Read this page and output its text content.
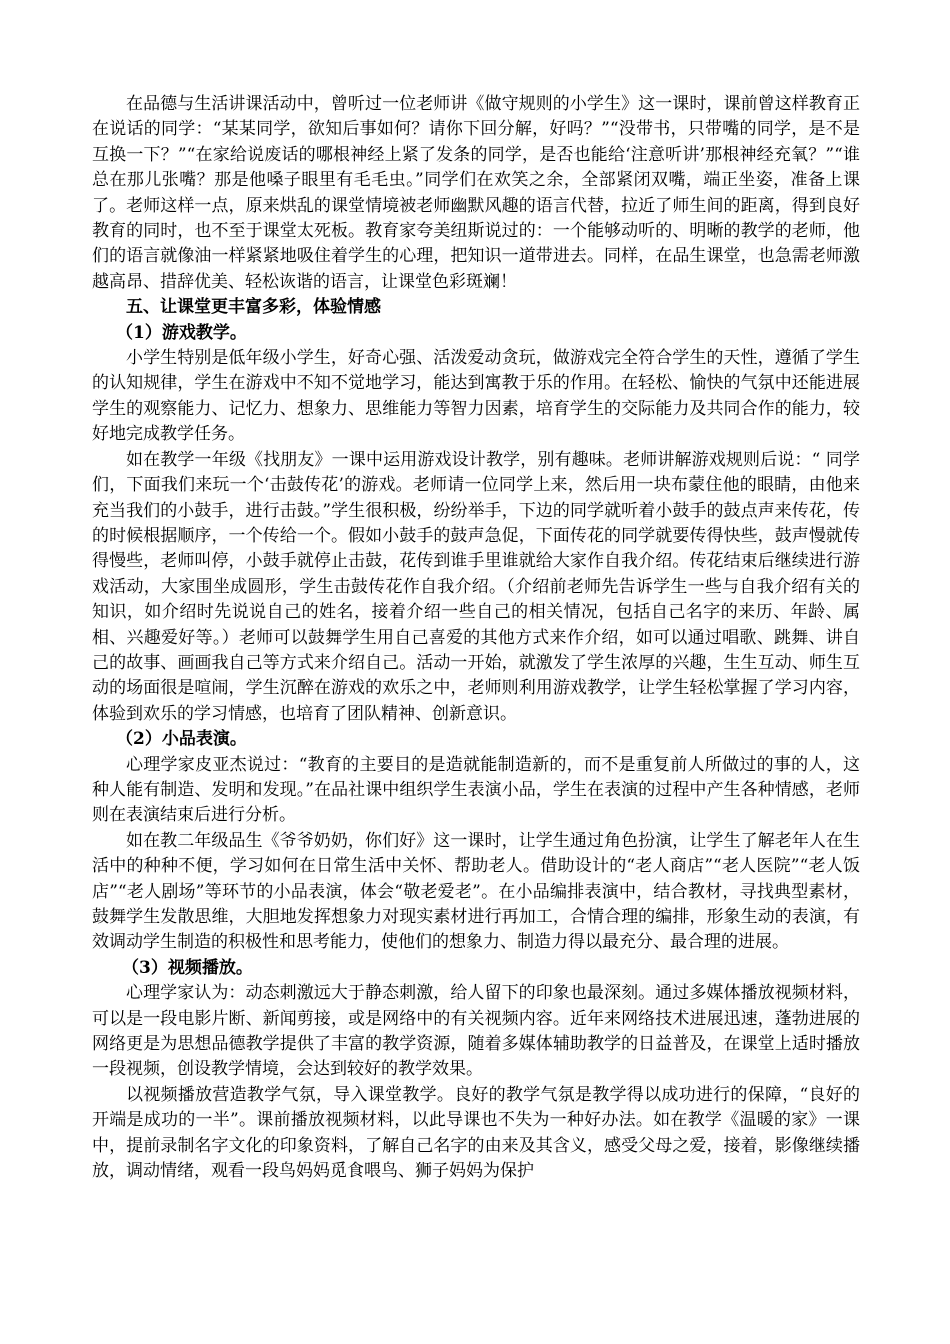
在品德与生活讲课活动中，曾听过一位老师讲《做守规则的小学生》这一课时，课前曾这样教育正在说话的同学：“某某同学，欲知后事如何？请你下回分解，好吗？”“没带书，只带嘴的同学，是不是互换一下？”“在家给说废话的哪根神经上紧了发条的同学，是否也能给‘注意听讲’那根神经充氧？”“谁总在那儿张嘴？那是他嗓子眼里有毛毛虫。”同学们在欢笑之余，全部紧闭双嘴，端正坐姿，准备上课了。老师这样一点，原来烘乱的课堂情境被老师幽默风趣的语言代替，拉近了师生间的距离，得到良好教育的同时，也不至于课堂太死板。教育家夸美纽斯说过的：一个能够动听的、明晰的教学的老师，他们的语言就像油一样紧紧地吸住着学生的心理，把知识一道带进去。同样，在品生课堂，也急需老师激越高昂、措辞优美、轻松诙谐的语言，让课堂色彩斑斓！

五、让课堂更丰富多彩，体验情感

（1）游戏教学。

小学生特别是低年级小学生，好奇心强、活泼爱动贪玩，做游戏完全符合学生的天性，遵循了学生的认知规律，学生在游戏中不知不觉地学习，能达到寓教于乐的作用。在轻松、愉快的气氛中还能进展学生的观察能力、记忆力、想象力、思维能力等智力因素，培育学生的交际能力及共同合作的能力，较好地完成教学任务。

如在教学一年级《找朋友》一课中运用游戏设计教学，别有趣味。老师讲解游戏规则后说：“ 同学们，下面我们来玩一个‘击鼓传花’的游戏。老师请一位同学上来，然后用一块布蒙住他的眼睛，由他来充当我们的小鼓手，进行击鼓。”学生很积极，纷纷举手，下边的同学就听着小鼓手的鼓点声来传花，传的时候根据顺序，一个传给一个。假如小鼓手的鼓声急促，下面传花的同学就要传得快些，鼓声慢就传得慢些，老师叫停，小鼓手就停止击鼓，花传到谁手里谁就给大家作自我介绍。传花结束后继续进行游戏活动，大家围坐成圆形，学生击鼓传花作自我介绍。（介绍前老师先告诉学生一些与自我介绍有关的知识，如介绍时先说说自己的姓名，接着介绍一些自己的相关情况，包括自己名字的来历、年龄、属相、兴趣爱好等。）老师可以鼓舞学生用自己喜爱的其他方式来作介绍，如可以通过唱歌、跳舞、讲自己的故事、画画我自己等方式来介绍自己。活动一开始，就激发了学生浓厚的兴趣，生生互动、师生互动的场面很是喧闹，学生沉醉在游戏的欢乐之中，老师则利用游戏教学，让学生轻松掌握了学习内容，体验到欢乐的学习情感，也培育了团队精神、创新意识。

（2）小品表演。

心理学家皮亚杰说过：“教育的主要目的是造就能制造新的，而不是重复前人所做过的事的人，这种人能有制造、发明和发现。”在品社课中组织学生表演小品，学生在表演的过程中产生各种情感，老师则在表演结束后进行分析。

如在教二年级品生《爷爷奶奶，你们好》这一课时，让学生通过角色扮演，让学生了解老年人在生活中的种种不便，学习如何在日常生活中关怀、帮助老人。借助设计的“老人商店”“老人医院”“老人饭店”“老人剧场”等环节的小品表演，体会“敬老爱老”。在小品编排表演中，结合教材，寻找典型素材，鼓舞学生发散思维，大胆地发挥想象力对现实素材进行再加工，合情合理的编排，形象生动的表演，有效调动学生制造的积极性和思考能力，使他们的想象力、制造力得以最充分、最合理的进展。

（3）视频播放。

心理学家认为：动态刺激远大于静态刺激，给人留下的印象也最深刻。通过多媒体播放视频材料，可以是一段电影片断、新闻剪接，或是网络中的有关视频内容。近年来网络技术进展迅速，蓬勃进展的网络更是为思想品德教学提供了丰富的教学资源，随着多媒体辅助教学的日益普及，在课堂上适时播放一段视频，创设教学情境，会达到较好的教学效果。

以视频播放营造教学气氛，导入课堂教学。良好的教学气氛是教学得以成功进行的保障，“良好的开端是成功的一半”。课前播放视频材料，以此导课也不失为一种好办法。如在教学《温暖的家》一课中，提前录制名字文化的印象资料，了解自己名字的由来及其含义，感受父母之爱，接着，影像继续播放，调动情绪，观看一段鸟妈妈觅食喂鸟、狮子妈妈为保护
